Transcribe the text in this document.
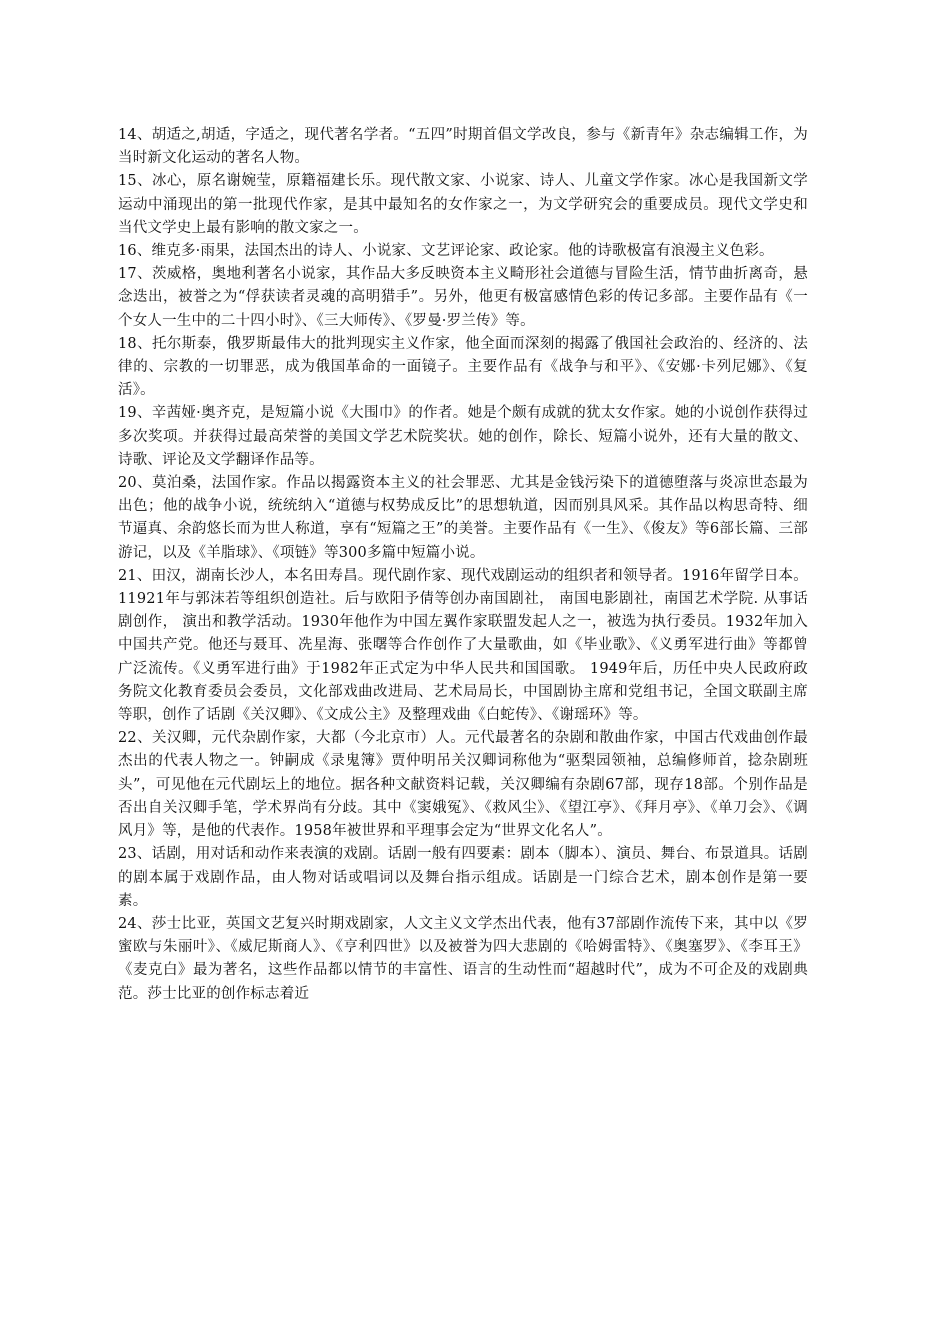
14、胡适之,胡适，字适之，现代著名学者。“五四”时期首倡文学改良，参与《新青年》杂志编辑工作，为当时新文化运动的著名人物。

15、冰心，原名谢婉莹，原籍福建长乐。现代散文家、小说家、诗人、儿童文学作家。冰心是我国新文学运动中涌现出的第一批现代作家，是其中最知名的女作家之一，为文学研究会的重要成员。现代文学史和当代文学史上最有影响的散文家之一。

16、维克多·雨果，法国杰出的诗人、小说家、文艺评论家、政论家。他的诗歌极富有浪漫主义色彩。

17、茨威格，奥地利著名小说家，其作品大多反映资本主义畸形社会道德与冒险生活，情节曲折离奇，悬念迭出，被誉之为“俘获读者灵魂的高明猎手”。另外，他更有极富感情色彩的传记多部。主要作品有《一个女人一生中的二十四小时》、《三大师传》、《罗曼·罗兰传》等。

18、托尔斯泰，俄罗斯最伟大的批判现实主义作家，他全面而深刻的揭露了俄国社会政治的、经济的、法律的、宗教的一切罪恶，成为俄国革命的一面镜子。主要作品有《战争与和平》、《安娜·卡列尼娜》、《复活》。

19、辛茜娅·奥齐克，是短篇小说《大围巾》的作者。她是个颇有成就的犹太女作家。她的小说创作获得过多次奖项。并获得过最高荣誉的美国文学艺术院奖状。她的创作，除长、短篇小说外，还有大量的散文、诗歌、评论及文学翻译作品等。

20、莫泊桑，法国作家。作品以揭露资本主义的社会罪恶、尤其是金钱污染下的道德堕落与炎凉世态最为出色；他的战争小说，统统纳入“道德与权势成反比”的思想轨道，因而别具风采。其作品以构思奇特、细节逼真、余韵悠长而为世人称道，享有“短篇之王”的美誉。主要作品有《一生》、《俊友》等6部长篇、三部游记，以及《羊脂球》、《项链》等300多篇中短篇小说。

21、田汉，湖南长沙人，本名田寿昌。现代剧作家、现代戏剧运动的组织者和领导者。1916年留学日本。11921年与郭沫若等组织创造社。后与欧阳予倩等创办南国剧社， 南国电影剧社，南国艺术学院. 从事话剧创作， 演出和教学活动。1930年他作为中国左翼作家联盟发起人之一，被选为执行委员。1932年加入中国共产党。他还与聂耳、冼星海、张曙等合作创作了大量歌曲，如《毕业歌》、《义勇军进行曲》等都曾广泛流传。《义勇军进行曲》于1982年正式定为中华人民共和国国歌。 1949年后，历任中央人民政府政务院文化教育委员会委员，文化部戏曲改进局、艺术局局长，中国剧协主席和党组书记，全国文联副主席等职，创作了话剧《关汉卿》、《文成公主》及整理戏曲《白蛇传》、《谢瑶环》等。

22、关汉卿，元代杂剧作家，大都（今北京市）人。元代最著名的杂剧和散曲作家，中国古代戏曲创作最杰出的代表人物之一。钟嗣成《录鬼簿》贾仲明吊关汉卿词称他为“驱梨园领袖，总编修师首，捻杂剧班头”，可见他在元代剧坛上的地位。据各种文献资料记载，关汉卿编有杂剧67部，现存18部。个别作品是否出自关汉卿手笔，学术界尚有分歧。其中《窦娥冤》、《救风尘》、《望江亭》、《拜月亭》、《单刀会》、《调风月》等，是他的代表作。1958年被世界和平理事会定为“世界文化名人”。

23、话剧，用对话和动作来表演的戏剧。话剧一般有四要素：剧本（脚本）、演员、舞台、布景道具。话剧的剧本属于戏剧作品，由人物对话或唱词以及舞台指示组成。话剧是一门综合艺术，剧本创作是第一要素。

24、莎士比亚，英国文艺复兴时期戏剧家，人文主义文学杰出代表，他有37部剧作流传下来，其中以《罗蜜欧与朱丽叶》、《威尼斯商人》、《亨利四世》以及被誉为四大悲剧的《哈姆雷特》、《奥塞罗》、《李耳王》《麦克白》最为著名，这些作品都以情节的丰富性、语言的生动性而“超越时代”，成为不可企及的戏剧典范。莎士比亚的创作标志着近
